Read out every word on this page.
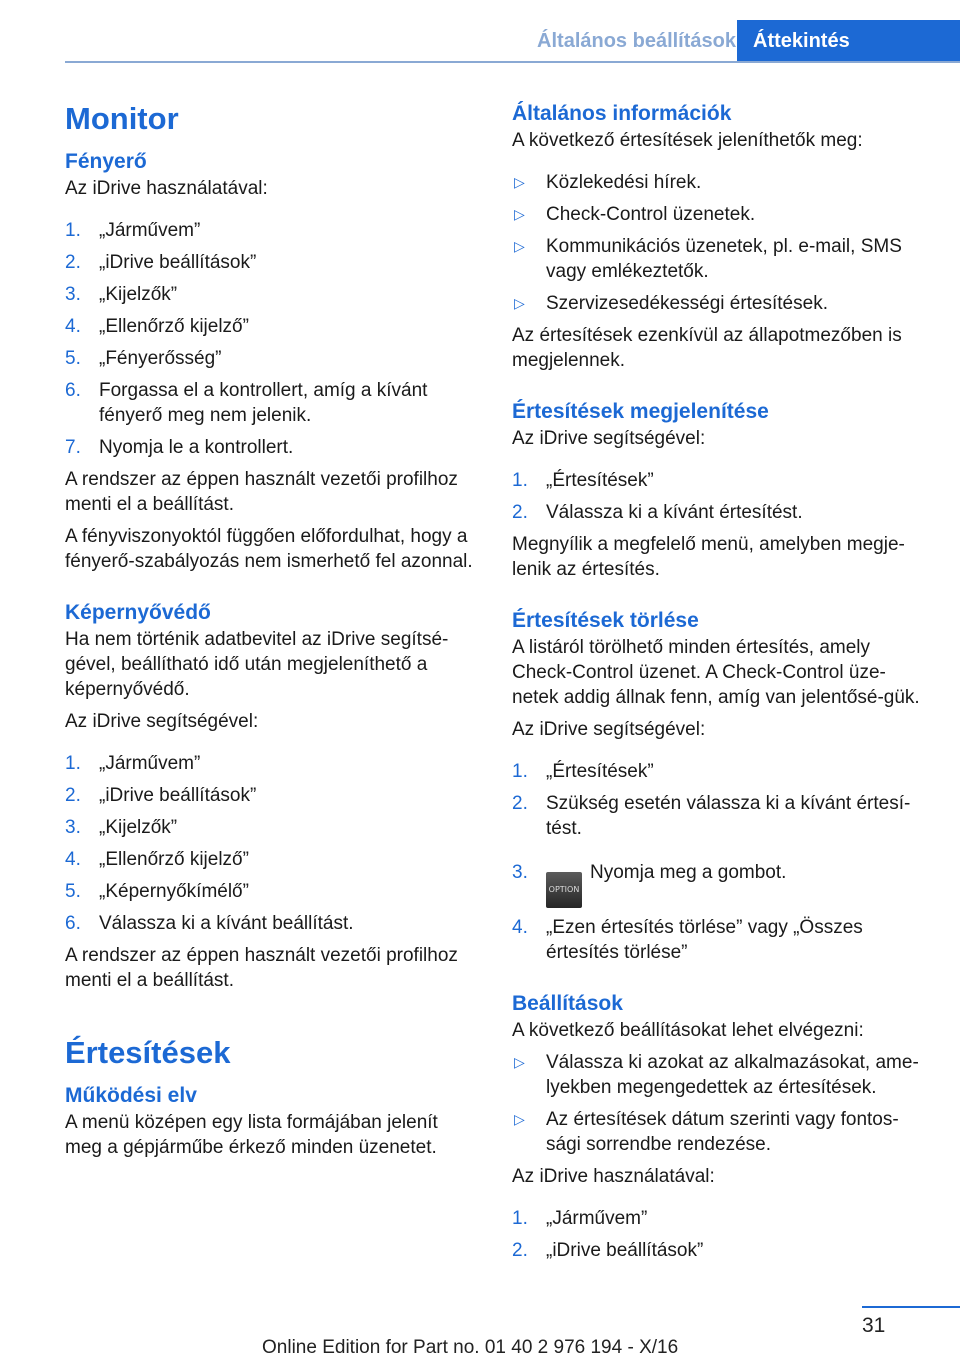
Általános beállítások Áttekintés
Monitor
Fényerő

Az iDrive használatával:

1. „Járművem”
2. „iDrive beállítások”
3. „Kijelzők”
4. „Ellenőrző kijelző”
5. „Fényerősség”
6. Forgassa el a kontrollert, amíg a kívánt fényerő meg nem jelenik.
7. Nyomja le a kontrollert.

A rendszer az éppen használt vezetői profilhoz menti el a beállítást.

A fényviszonyoktól függően előfordulhat, hogy a fényerő-szabályozás nem ismerhető fel azonnal.

Képernyővédő

Ha nem történik adatbevitel az iDrive segítsé‐gével, beállítható idő után megjeleníthető a képernyővédő.

Az iDrive segítségével:

1. „Járművem”
2. „iDrive beállítások”
3. „Kijelzők”
4. „Ellenőrző kijelző”
5. „Képernyőkímélő”
6. Válassza ki a kívánt beállítást.

A rendszer az éppen használt vezetői profilhoz menti el a beállítást.

Értesítések
Működési elv

A menü középen egy lista formájában jelenít meg a gépjárműbe érkező minden üzenetet.

Általános információk

A következő értesítések jeleníthetők meg:

▷ Közlekedési hírek.
▷ Check-Control üzenetek.
▷ Kommunikációs üzenetek, pl. e-mail, SMS vagy emlékeztetők.
▷ Szervizesedékességi értesítések.

Az értesítések ezenkívül az állapotmezőben is megjelennek.

Értesítések megjelenítése

Az iDrive segítségével:

1. „Értesítések”
2. Válassza ki a kívánt értesítést.

Megnyílik a megfelelő menü, amelyben megje‐lenik az értesítés.

Értesítések törlése

A listáról törölhető minden értesítés, amely Check-Control üzenet. A Check-Control üze‐netek addig állnak fenn, amíg van jelentősé‐gük.

Az iDrive segítségével:

1. „Értesítések”
2. Szükség esetén válassza ki a kívánt értesí‐tést.
3.
OPTIONNyomja meg a gombot.
4. „Ezen értesítés törlése” vagy „Összes értesítés törlése”
Beállítások

A következő beállításokat lehet elvégezni:

▷ Válassza ki azokat az alkalmazásokat, ame‐lyekben megengedettek az értesítések.
▷ Az értesítések dátum szerinti vagy fontos‐sági sorrendbe rendezése.

Az iDrive használatával:

1. „Járművem”
2. „iDrive beállítások”
31
Online Edition for Part no. 01 40 2 976 194 - X/16
